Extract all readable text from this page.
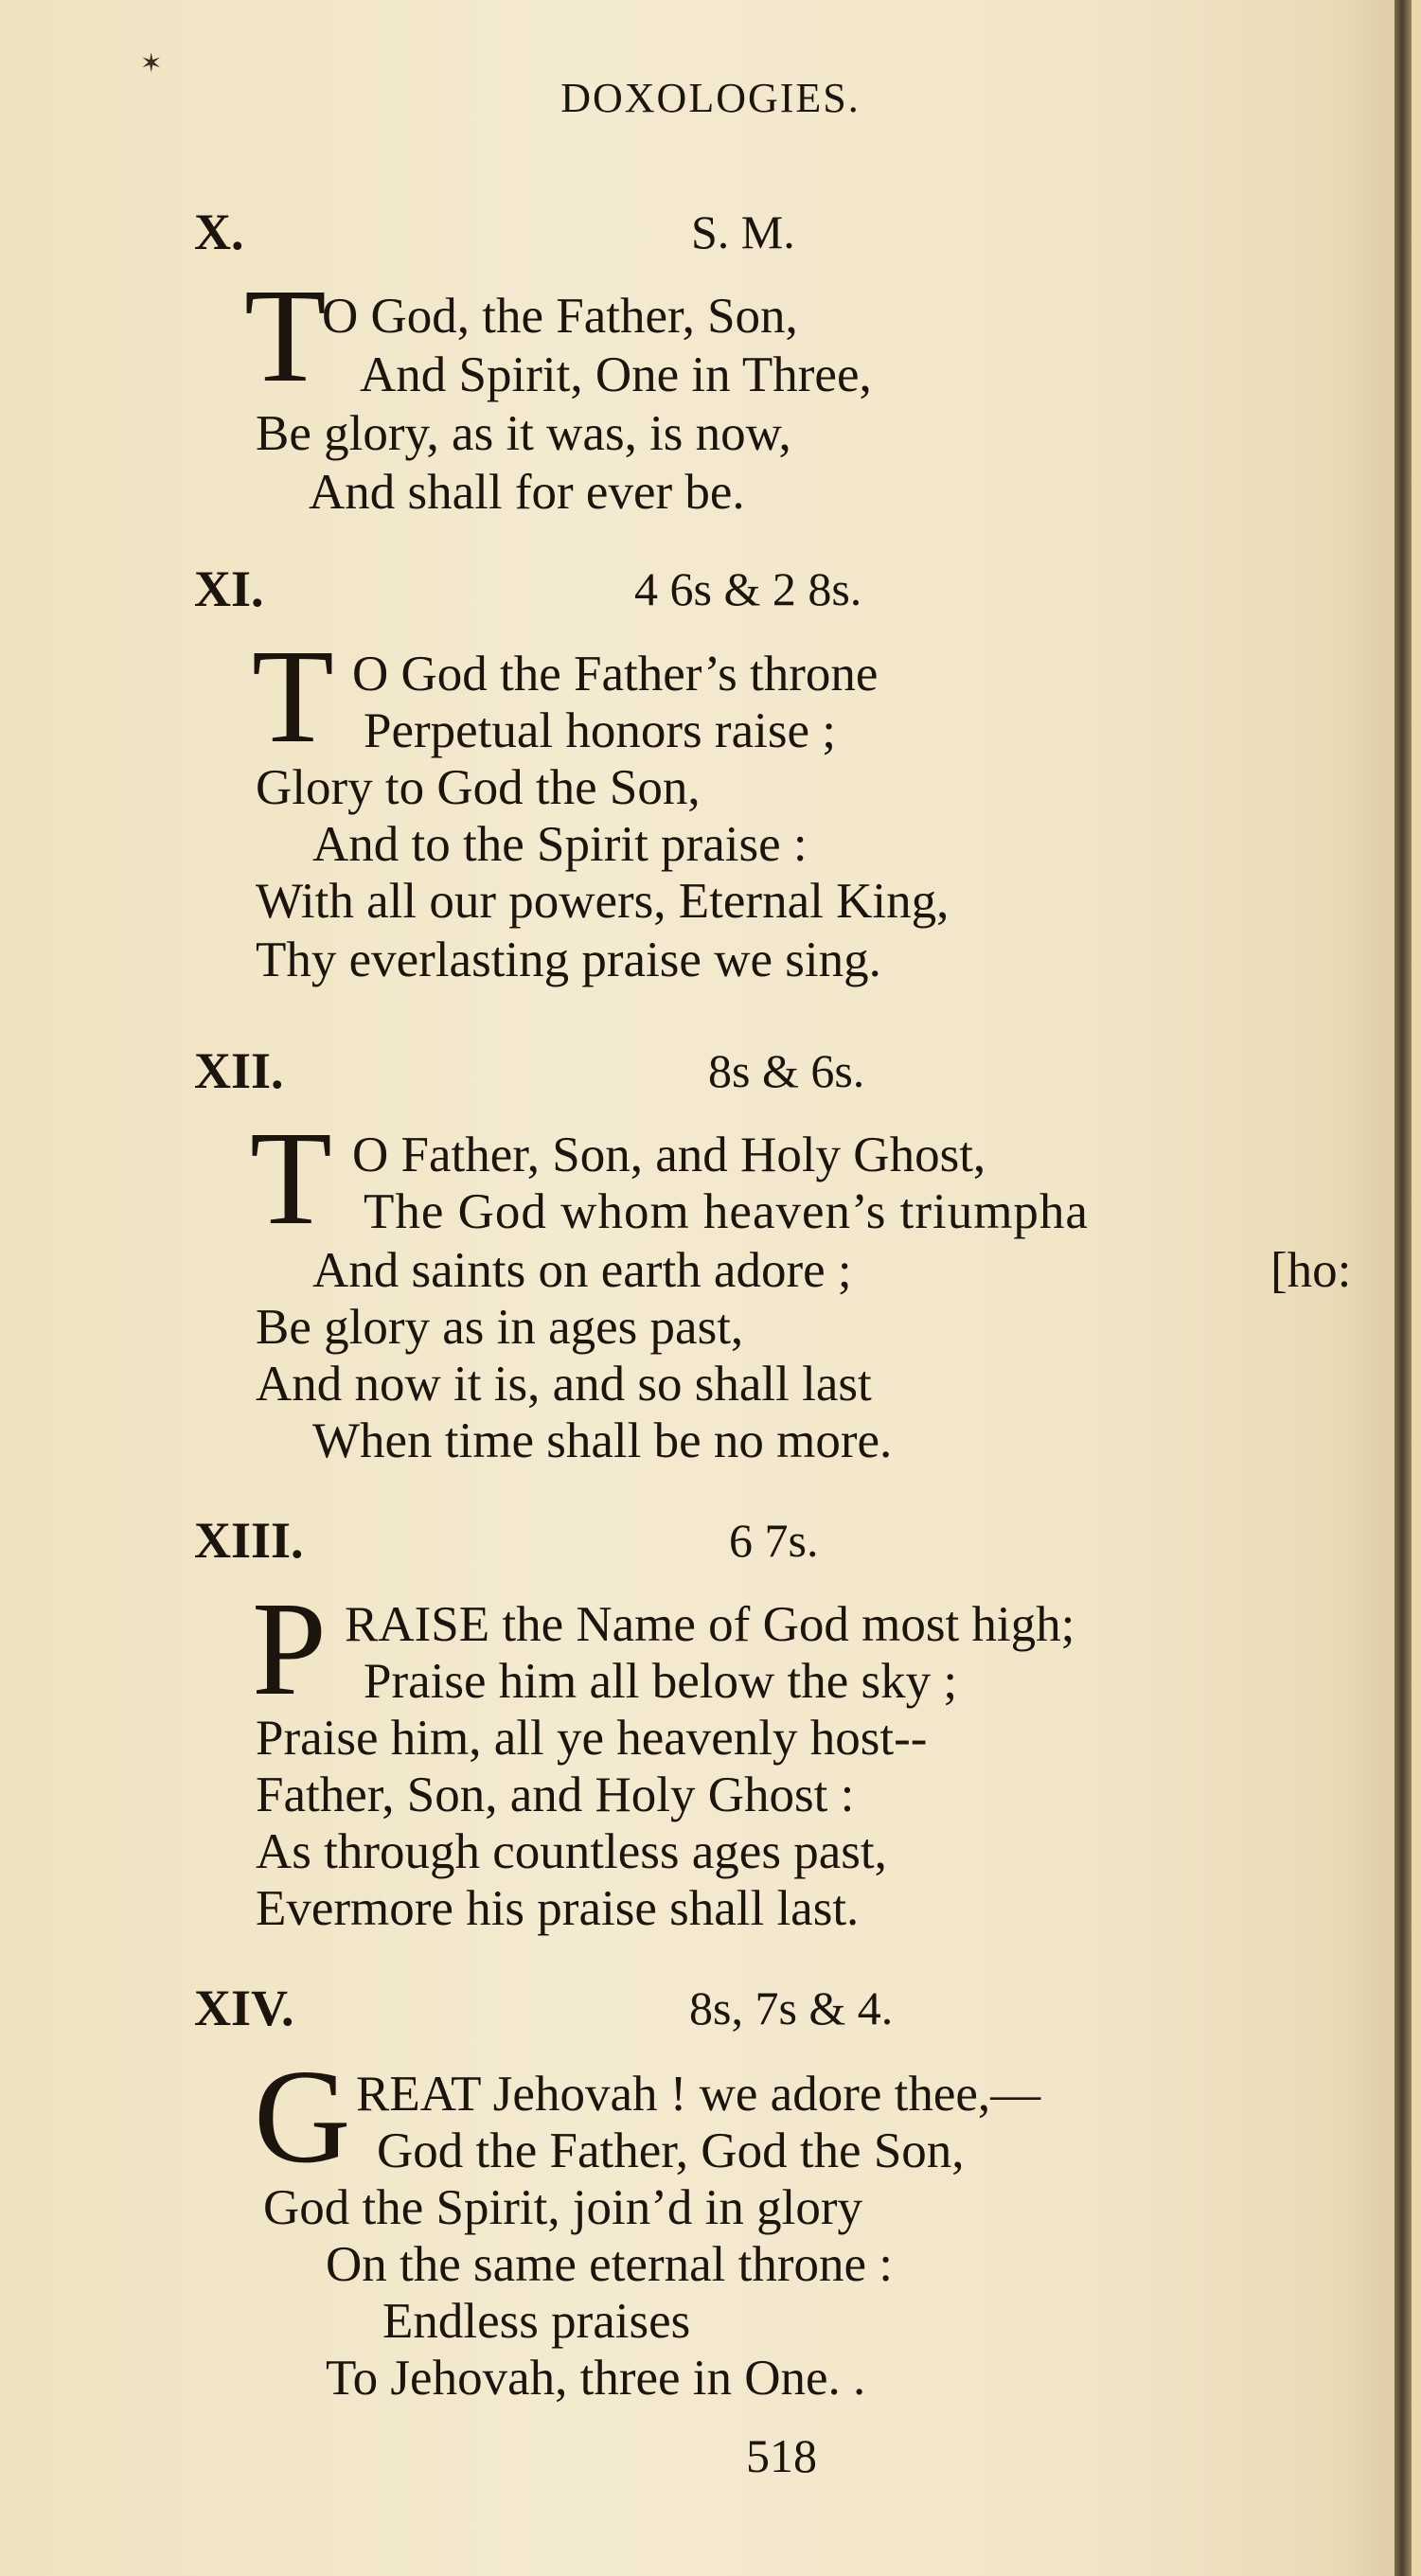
✶
DOXOLOGIES.
X.	S. M.
T
O God, the Father, Son,
And Spirit, One in Three,
Be glory, as it was, is now,
And shall for ever be.
XI.	4 6s & 2 8s.
T O God the Father’s throne
Perpetual honors raise ;
Glory to God the Son,
And to the Spirit praise :
With all our powers, Eternal King,
Thy everlasting praise we sing.
XII.	8s & 6s.
T O Father, Son, and Holy Ghost,
The God whom heaven’s triumpha
And saints on earth adore ;	[ho:
Be glory as in ages past,
And now it is, and so shall last
When time shall be no more.
XIII.	6 7s.
P RAISE the Name of God most high;
Praise him all below the sky ;
Praise him, all ye heavenly host--
Father, Son, and Holy Ghost :
As through countless ages past,
Evermore his praise shall last.
XIV.	8s, 7s & 4.
G REAT Jehovah ! we adore thee,—
God the Father, God the Son,
God the Spirit, join’d in glory
On the same eternal throne :
Endless praises
To Jehovah, three in One. .
518
